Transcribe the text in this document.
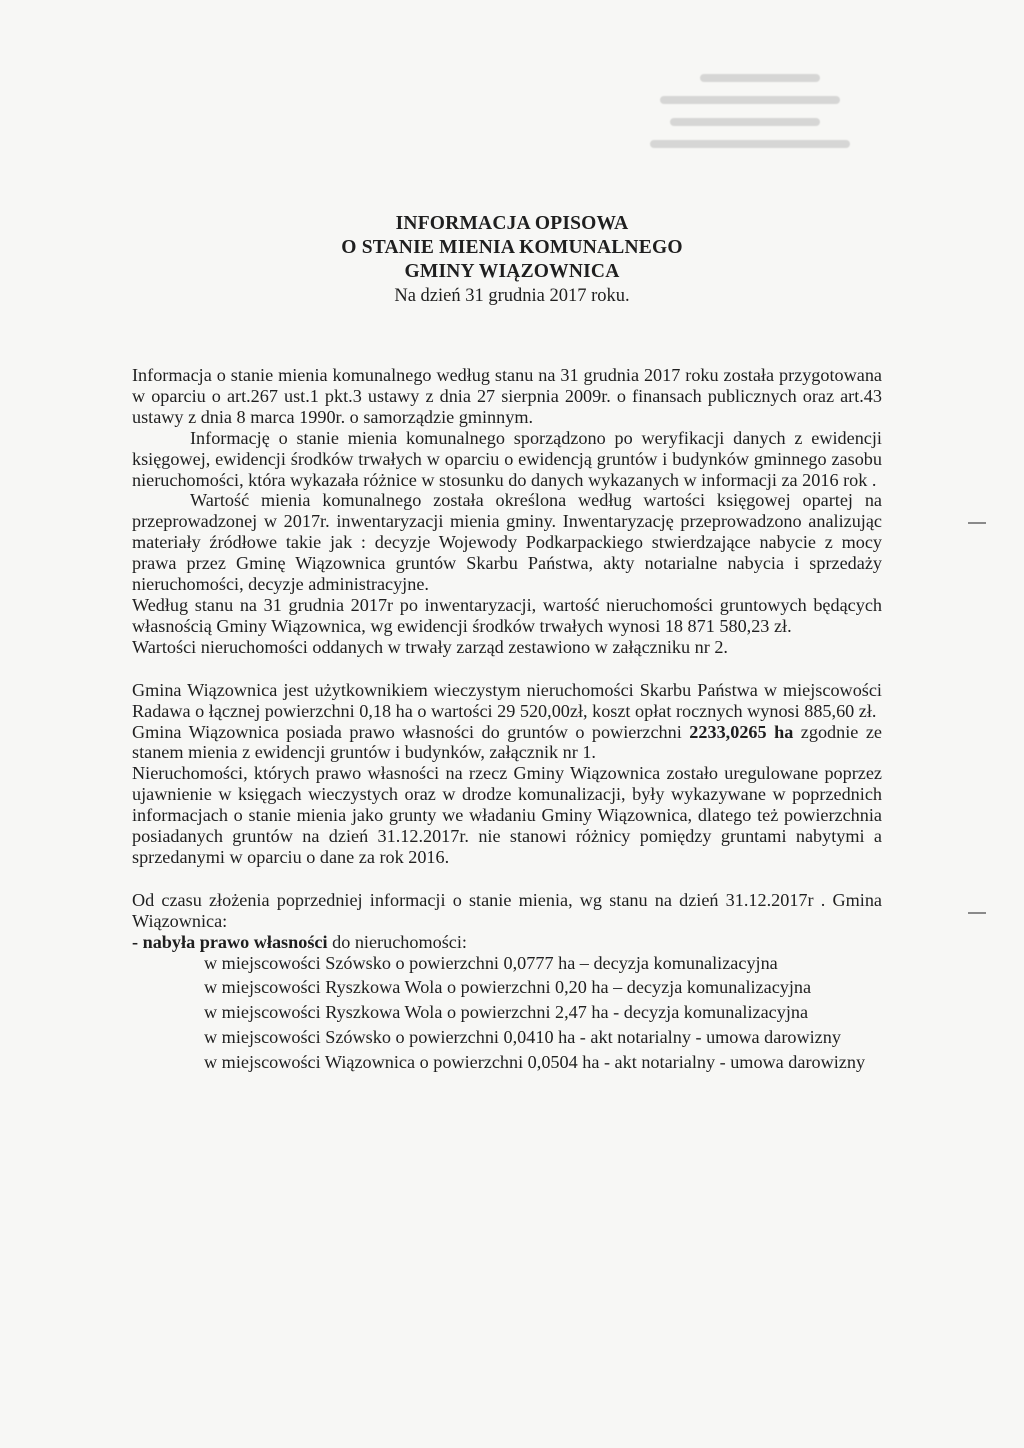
INFORMACJA OPISOWA
O STANIE MIENIA KOMUNALNEGO
GMINY WIĄZOWNICA
Na dzień 31 grudnia 2017 roku.

Informacja o stanie mienia komunalnego według stanu na 31 grudnia 2017 roku została przygotowana w oparciu o art.267 ust.1 pkt.3 ustawy z dnia 27 sierpnia 2009r. o finansach publicznych oraz art.43 ustawy z dnia 8 marca 1990r. o samorządzie gminnym.

Informację o stanie mienia komunalnego sporządzono po weryfikacji danych z ewidencji księgowej, ewidencji środków trwałych w oparciu o ewidencją gruntów i budynków gminnego zasobu nieruchomości, która wykazała różnice w stosunku do danych wykazanych w informacji za 2016 rok .

Wartość mienia komunalnego została określona według wartości księgowej opartej na przeprowadzonej w 2017r. inwentaryzacji mienia gminy. Inwentaryzację przeprowadzono analizując materiały źródłowe takie jak : decyzje Wojewody Podkarpackiego stwierdzające nabycie z mocy prawa przez Gminę Wiązownica gruntów Skarbu Państwa, akty notarialne nabycia i sprzedaży nieruchomości, decyzje administracyjne.

Według stanu na 31 grudnia 2017r po inwentaryzacji, wartość nieruchomości gruntowych będących własnością Gminy Wiązownica, wg ewidencji środków trwałych wynosi 18 871 580,23 zł.

Wartości nieruchomości oddanych w trwały zarząd zestawiono w załączniku nr 2.

Gmina Wiązownica jest użytkownikiem wieczystym nieruchomości Skarbu Państwa w miejscowości Radawa o łącznej powierzchni 0,18 ha o wartości 29 520,00zł, koszt opłat rocznych wynosi 885,60 zł.

Gmina Wiązownica posiada prawo własności do gruntów o powierzchni 2233,0265 ha zgodnie ze stanem mienia z ewidencji gruntów i budynków, załącznik nr 1.

Nieruchomości, których prawo własności na rzecz Gminy Wiązownica zostało uregulowane poprzez ujawnienie w księgach wieczystych oraz w drodze komunalizacji, były wykazywane w poprzednich informacjach o stanie mienia jako grunty we władaniu Gminy Wiązownica, dlatego też powierzchnia posiadanych gruntów na dzień 31.12.2017r. nie stanowi różnicy pomiędzy gruntami nabytymi a sprzedanymi w oparciu o dane za rok 2016.

Od czasu złożenia poprzedniej informacji o stanie mienia, wg stanu na dzień 31.12.2017r . Gmina Wiązownica:

- nabyła prawo własności do nieruchomości:

w miejscowości Szówsko o powierzchni 0,0777 ha – decyzja komunalizacyjna

w miejscowości Ryszkowa Wola o powierzchni 0,20 ha – decyzja komunalizacyjna

w miejscowości Ryszkowa Wola o powierzchni 2,47 ha - decyzja komunalizacyjna

w miejscowości Szówsko o powierzchni 0,0410 ha - akt notarialny - umowa darowizny

w miejscowości Wiązownica o powierzchni 0,0504 ha - akt notarialny - umowa darowizny
